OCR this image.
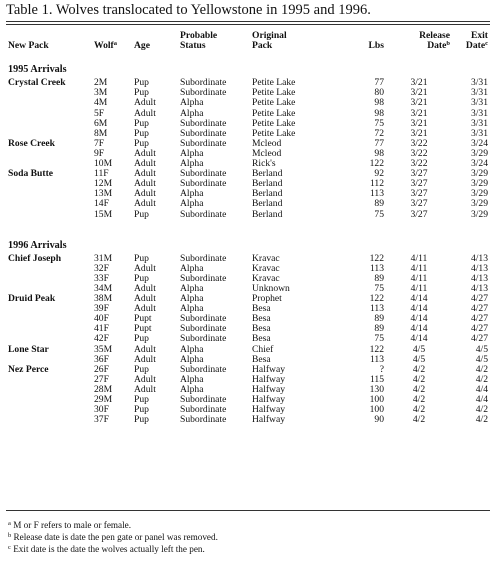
Table 1. Wolves translocated to Yellowstone in 1995 and 1996.
			Probable	Original		Release	Exit
New Pack	Wolf$^a$	Age	Status	Pack	Lbs	Date$^b$	Date$^c$
1995 Arrivals							
Crystal Creek	2M	Pup	Subordinate	Petite Lake	77	3/21	3/31
	3M	Pup	Subordinate	Petite Lake	80	3/21	3/31
	4M	Adult	Alpha	Petite Lake	98	3/21	3/31
	5F	Adult	Alpha	Petite Lake	98	3/21	3/31
	6M	Pup	Subordinate	Petite Lake	75	3/21	3/31
	8M	Pup	Subordinate	Petite Lake	72	3/21	3/31
Rose Creek	7F	Pup	Subordinate	Mcleod	77	3/22	3/24
	9F	Adult	Alpha	Mcleod	98	3/22	3/29
	10M	Adult	Alpha	Rick's	122	3/22	3/24
Soda Butte	11F	Adult	Subordinate	Berland	92	3/27	3/29
	12M	Adult	Subordinate	Berland	112	3/27	3/29
	13M	Adult	Alpha	Berland	113	3/27	3/29
	14F	Adult	Alpha	Berland	89	3/27	3/29
	15M	Pup	Subordinate	Berland	75	3/27	3/29

1996 Arrivals							
Chief Joseph	31M	Pup	Subordinate	Kravac	122	4/11	4/13
	32F	Adult	Alpha	Kravac	113	4/11	4/13
	33F	Pup	Subordinate	Kravac	89	4/11	4/13
	34M	Adult	Alpha	Unknown	75	4/11	4/13
Druid Peak	38M	Adult	Alpha	Prophet	122	4/14	4/27
	39F	Adult	Alpha	Besa	113	4/14	4/27
	40F	Pupt	Subordinate	Besa	89	4/14	4/27
	41F	Pupt	Subordinate	Besa	89	4/14	4/27
	42F	Pup	Subordinate	Besa	75	4/14	4/27
Lone Star	35M	Adult	Alpha	Chief	122	4/5	4/5
	36F	Adult	Alpha	Besa	113	4/5	4/5
Nez Perce	26F	Pup	Subordinate	Halfway	?	4/2	4/2
	27F	Adult	Alpha	Halfway	115	4/2	4/2
	28M	Adult	Alpha	Halfway	130	4/2	4/4
	29M	Pup	Subordinate	Halfway	100	4/2	4/4
	30F	Pup	Subordinate	Halfway	100	4/2	4/2
	37F	Pup	Subordinate	Halfway	90	4/2	4/2
$^a$ M or F refers to male or female.
$^b$ Release date is date the pen gate or panel was removed.
$^c$ Exit date is the date the wolves actually left the pen.
